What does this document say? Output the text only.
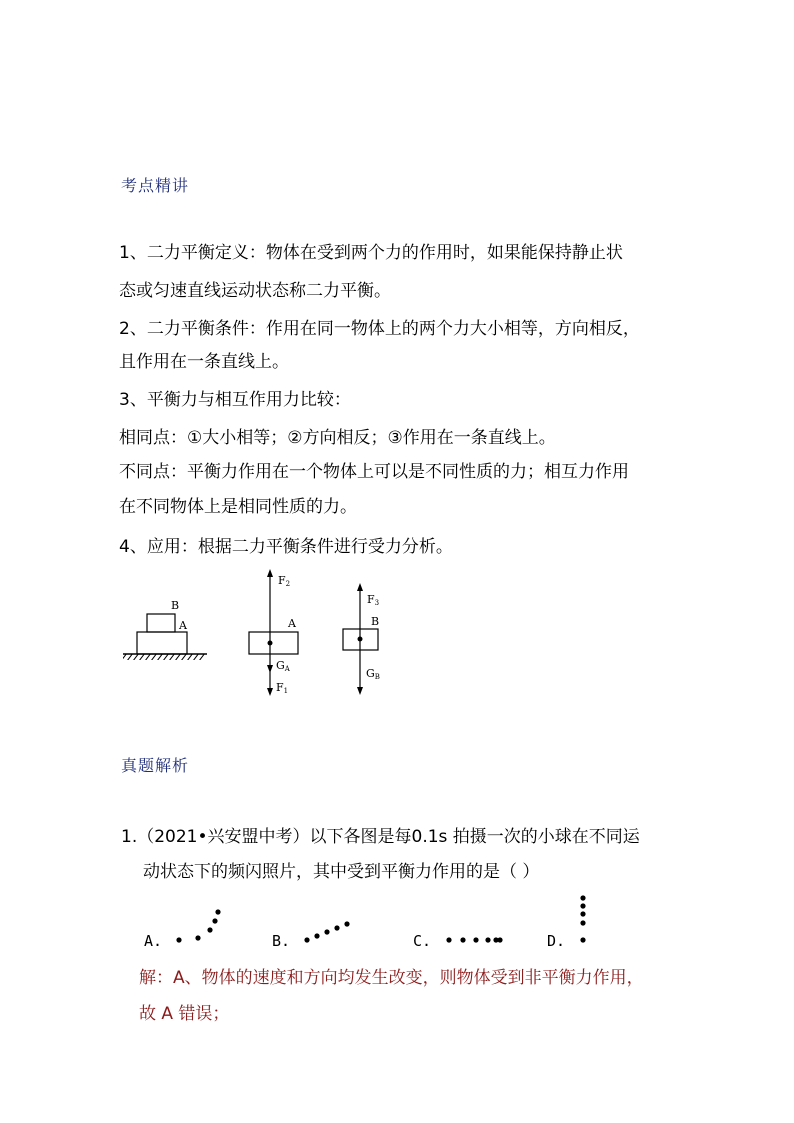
考点精讲
1、二力平衡定义：物体在受到两个力的作用时，如果能保持静止状
态或匀速直线运动状态称二力平衡。
2、二力平衡条件：作用在同一物体上的两个力大小相等，方向相反，
且作用在一条直线上。
3、平衡力与相互作用力比较：
相同点：①大小相等；②方向相反；③作用在一条直线上。
不同点：平衡力作用在一个物体上可以是不同性质的力；相互力作用
在不同物体上是相同性质的力。
4、应用：根据二力平衡条件进行受力分析。
B
A
F2
A
GA
F1
F3
B
GB
真题解析
1.（2021•兴安盟中考）以下各图是每0.1s 拍摄一次的小球在不同运
动状态下的频闪照片，其中受到平衡力作用的是（ ）
A.	B.	C.	D.
解：A、物体的速度和方向均发生改变，则物体受到非平衡力作用，
故 A 错误；
